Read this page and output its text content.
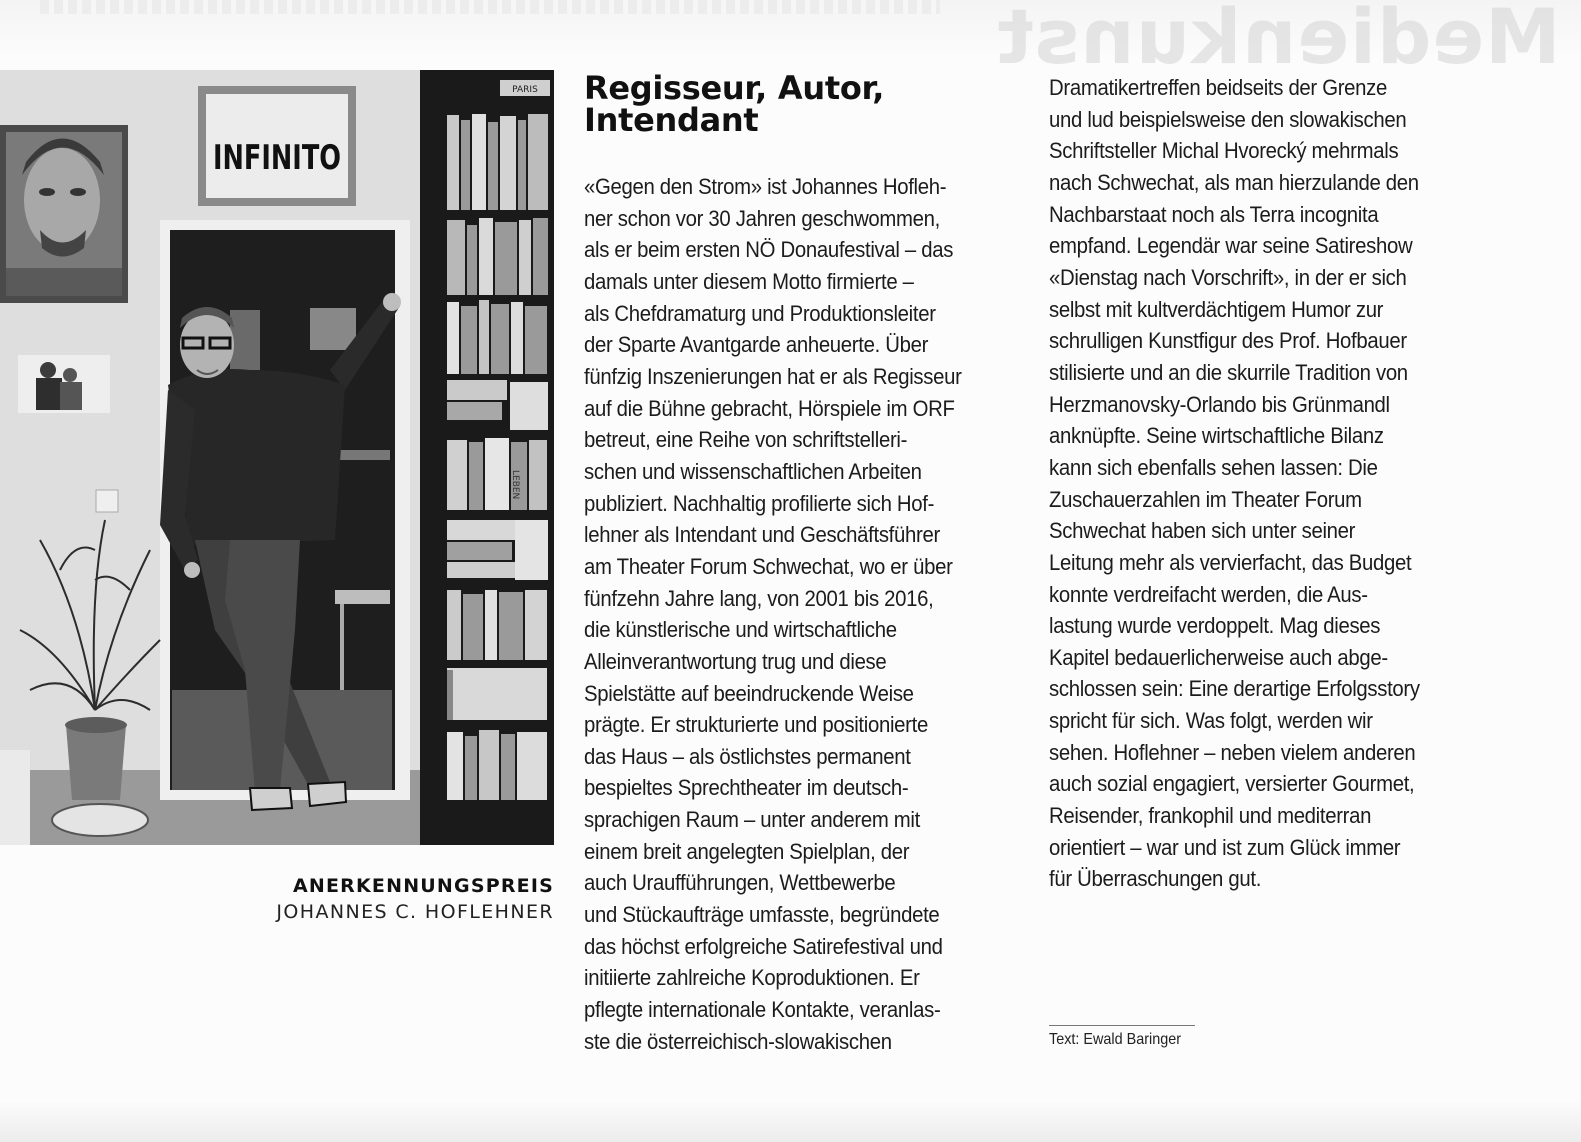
Medienkunst
INFINITO
PARIS
LEBEN
ANERKENNUNGSPREIS
JOHANNES C. HOFLEHNER
Regisseur, Autor,
Intendant
«Gegen den Strom» ist Johannes Hofleh-
ner schon vor 30 Jahren geschwommen,
als er beim ersten NÖ Donaufestival – das
damals unter diesem Motto firmierte –
als Chefdramaturg und Produktionsleiter
der Sparte Avantgarde anheuerte. Über
fünfzig Inszenierungen hat er als Regisseur
auf die Bühne gebracht, Hörspiele im ORF
betreut, eine Reihe von schriftstelleri-
schen und wissenschaftlichen Arbeiten
publiziert. Nachhaltig profilierte sich Hof-
lehner als Intendant und Geschäftsführer
am Theater Forum Schwechat, wo er über
fünfzehn Jahre lang, von 2001 bis 2016,
die künstlerische und wirtschaftliche
Alleinverantwortung trug und diese
Spielstätte auf beeindruckende Weise
prägte. Er strukturierte und positionierte
das Haus – als östlichstes permanent
bespieltes Sprechtheater im deutsch-
sprachigen Raum – unter anderem mit
einem breit angelegten Spielplan, der
auch Uraufführungen, Wettbewerbe
und Stückaufträge umfasste, begründete
das höchst erfolgreiche Satirefestival und
initiierte zahlreiche Koproduktionen. Er
pflegte internationale Kontakte, veranlas-
ste die österreichisch-slowakischen
Dramatikertreffen beidseits der Grenze
und lud beispielsweise den slowakischen
Schriftsteller Michal Hvorecký mehrmals
nach Schwechat, als man hierzulande den
Nachbarstaat noch als Terra incognita
empfand. Legendär war seine Satireshow
«Dienstag nach Vorschrift», in der er sich
selbst mit kultverdächtigem Humor zur
schrulligen Kunstfigur des Prof. Hofbauer
stilisierte und an die skurrile Tradition von
Herzmanovsky-Orlando bis Grünmandl
anknüpfte. Seine wirtschaftliche Bilanz
kann sich ebenfalls sehen lassen: Die
Zuschauerzahlen im Theater Forum
Schwechat haben sich unter seiner
Leitung mehr als vervierfacht, das Budget
konnte verdreifacht werden, die Aus-
lastung wurde verdoppelt. Mag dieses
Kapitel bedauerlicherweise auch abge-
schlossen sein: Eine derartige Erfolgsstory
spricht für sich. Was folgt, werden wir
sehen. Hoflehner – neben vielem anderen
auch sozial engagiert, versierter Gourmet,
Reisender, frankophil und mediterran
orientiert – war und ist zum Glück immer
für Überraschungen gut.
Text: Ewald Baringer
